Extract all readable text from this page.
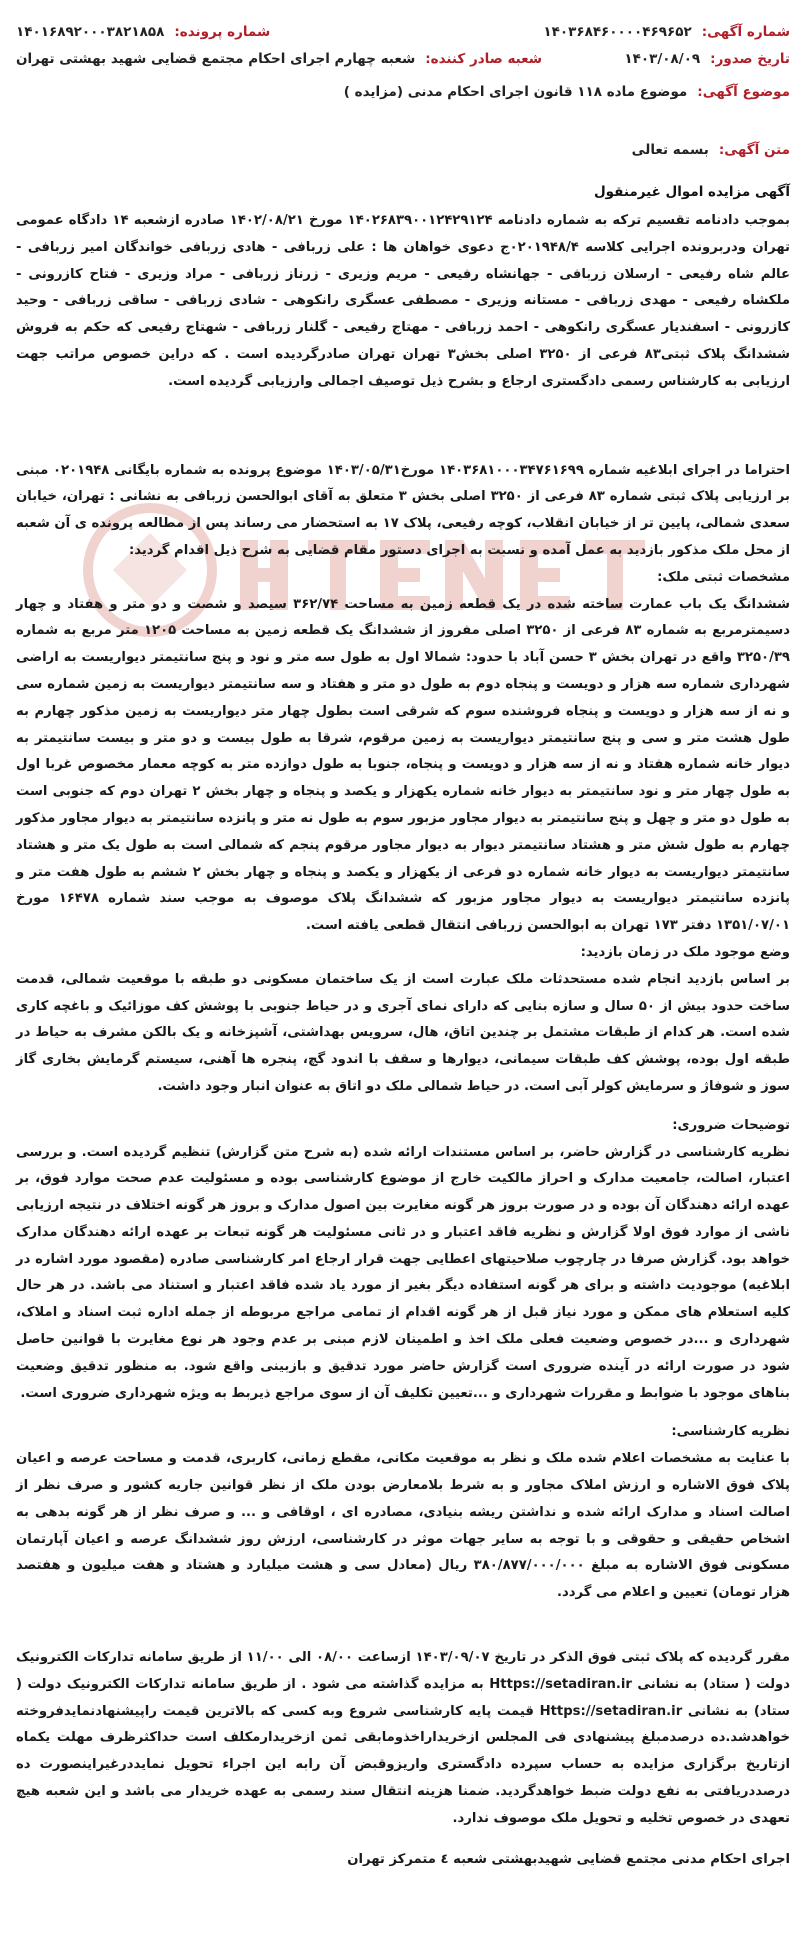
شماره آگهی:
۱۴۰۳۶۸۴۶۰۰۰۰۴۶۹۶۵۲
شماره پرونده:
۱۴۰۱۶۸۹۲۰۰۰۳۸۲۱۸۵۸
تاریخ صدور:
۱۴۰۳/۰۸/۰۹
شعبه صادر کننده:
شعبه چهارم اجرای احکام مجتمع قضایی شهید بهشتی تهران
موضوع آگهی:
موضوع ماده ۱۱۸ قانون اجرای احکام مدنی (مزایده )
متن آگهی:
بسمه تعالی
آگهی مزایده اموال غیرمنقول
بموجب دادنامه تقسیم ترکه به شماره دادنامه ۱۴۰۲۶۸۳۹۰۰۱۲۴۲۹۱۲۴ مورخ ۱۴۰۲/۰۸/۲۱ صادره ازشعبه ۱۴ دادگاه عمومی تهران ودربرونده اجرایی کلاسه ۰۲۰۱۹۴۸/۴ج دعوی خواهان ها : علی زربافی - هادی زربافی خواندگان امیر زربافی - عالم شاه رفیعی - ارسلان زربافی - جهانشاه رفیعی - مریم وزیری - زرناز زربافی - مراد وزیری - فتاح کازرونی - ملکشاه رفیعی - مهدی زربافی - مستانه وزیری - مصطفی عسگری رانکوهی - شادی زربافی - ساقی زربافی - وحید کازرونی - اسفندیار عسگری رانکوهی - احمد زربافی - مهتاج رفیعی - گلنار زربافی - شهتاج رفیعی که حکم به فروش ششدانگ پلاک ثبتی۸۳ فرعی از ۳۲۵۰ اصلی بخش۳ تهران تهران صادرگردیده است . که دراین خصوص مراتب جهت ارزیابی به کارشناس رسمی دادگستری ارجاع و بشرح ذیل توصیف اجمالی وارزیابی گردیده است.
احتراما در اجرای ابلاغیه شماره ۱۴۰۳۶۸۱۰۰۰۳۴۷۶۱۶۹۹ مورخ۱۴۰۳/۰۵/۳۱ موضوع پرونده به شماره بایگانی ۰۲۰۱۹۴۸ مبنی بر ارزیابی پلاک ثبتی شماره ۸۳ فرعی از ۳۲۵۰ اصلی بخش ۳ متعلق به آقای ابوالحسن زربافی به نشانی : تهران، خیابان سعدی شمالی، پایین تر از خیابان انقلاب، کوچه رفیعی، پلاک ۱۷ به استحضار می رساند پس از مطالعه پرونده ی آن شعبه از محل ملک مذکور بازدید به عمل آمده و نسبت به اجرای دستور مقام قضایی به شرح ذیل اقدام گردید:
مشخصات ثبتی ملک:
ششدانگ یک باب عمارت ساخته شده در یک قطعه زمین به مساحت ۳۶۲/۷۴ سیصد و شصت و دو متر و هفتاد و چهار دسیمترمربع به شماره ۸۳ فرعی از ۳۲۵۰ اصلی مفروز از ششدانگ یک قطعه زمین به مساحت ۱۲۰۵ متر مربع به شماره ۳۲۵۰/۳۹ واقع در تهران بخش ۳ حسن آباد با حدود: شمالا اول به طول سه متر و نود و پنج سانتیمتر دیواریست به اراضی شهرداری شماره سه هزار و دویست و پنجاه دوم به طول دو متر و هفتاد و سه سانتیمتر دیواریست به زمین شماره سی و نه از سه هزار و دویست و پنجاه فروشنده سوم که شرقی است بطول چهار متر دیواریست به زمین مذکور چهارم به طول هشت متر و سی و پنج سانتیمتر دیواریست به زمین مرقوم، شرقا به طول بیست و دو متر و بیست سانتیمتر به دیوار خانه شماره هفتاد و نه از سه هزار و دویست و پنجاه، جنوبا به طول دوازده متر به کوچه معمار مخصوص غربا اول به طول چهار متر و نود سانتیمتر به دیوار خانه شماره یکهزار و یکصد و پنجاه و چهار بخش ۲ تهران دوم که جنوبی است به طول دو متر و چهل و پنج سانتیمتر به دیوار مجاور مزبور سوم به طول نه متر و پانزده سانتیمتر به دیوار مجاور مذکور چهارم به طول شش متر و هشتاد سانتیمتر دیوار به دیوار مجاور مرقوم پنجم که شمالی است به طول یک متر و هشتاد سانتیمتر دیواریست به دیوار خانه شماره دو فرعی از یکهزار و یکصد و پنجاه و چهار بخش ۲ ششم به طول هفت متر و پانزده سانتیمتر دیواریست به دیوار مجاور مزبور که ششدانگ پلاک موصوف به موجب سند شماره ۱۶۴۷۸ مورخ ۱۳۵۱/۰۷/۰۱ دفتر ۱۷۳ تهران به ابوالحسن زربافی انتقال قطعی یافته است.
وضع موجود ملک در زمان بازدید:
بر اساس بازدید انجام شده مستحدثات ملک عبارت است از یک ساختمان مسکونی دو طبقه با موقعیت شمالی، قدمت ساخت حدود بیش از ۵۰ سال و سازه بنایی که دارای نمای آجری و در حیاط جنوبی با پوشش کف موزائیک و باغچه کاری شده است. هر کدام از طبقات مشتمل بر چندین اتاق، هال، سرویس بهداشتی، آشپزخانه و یک بالکن مشرف به حیاط در طبقه اول بوده، پوشش کف طبقات سیمانی، دیوارها و سقف با اندود گچ، پنجره ها آهنی، سیستم گرمایش بخاری گاز سوز و شوفاژ و سرمایش کولر آبی است. در حیاط شمالی ملک دو اتاق به عنوان انبار وجود داشت.
توضیحات ضروری:
نظریه کارشناسی در گزارش حاضر، بر اساس مستندات ارائه شده (به شرح متن گزارش) تنظیم گردیده است. و بررسی اعتبار، اصالت، جامعیت مدارک و احراز مالکیت خارج از موضوع کارشناسی بوده و مسئولیت عدم صحت موارد فوق، بر عهده ارائه دهندگان آن بوده و در صورت بروز هر گونه مغایرت بین اصول مدارک و بروز هر گونه اختلاف در نتیجه ارزیابی ناشی از موارد فوق اولا گزارش و نظریه فاقد اعتبار و در ثانی مسئولیت هر گونه تبعات بر عهده ارائه دهندگان مدارک خواهد بود. گزارش صرفا در چارچوب صلاحیتهای اعطایی جهت قرار ارجاع امر کارشناسی صادره (مقصود مورد اشاره در ابلاغیه) موجودیت داشته و برای هر گونه استفاده دیگر بغیر از مورد یاد شده فاقد اعتبار و استناد می باشد. در هر حال کلیه استعلام های ممکن و مورد نیاز قبل از هر گونه اقدام از تمامی مراجع مربوطه از جمله اداره ثبت اسناد و املاک، شهرداری و ...در خصوص وضعیت فعلی ملک اخذ و اطمینان لازم مبنی بر عدم وجود هر نوع مغایرت با قوانین حاصل شود در صورت ارائه در آینده ضروری است گزارش حاضر مورد تدقیق و بازبینی واقع شود. به منظور تدقیق وضعیت بناهای موجود با ضوابط و مقررات شهرداری و ...تعیین تکلیف آن از سوی مراجع ذیربط به ویژه شهرداری ضروری است.
نظریه کارشناسی:
با عنایت به مشخصات اعلام شده ملک و نظر به موقعیت مکانی، مقطع زمانی، کاربری، قدمت و مساحت عرصه و اعیان پلاک فوق الاشاره و ارزش املاک مجاور و به شرط بلامعارض بودن ملک از نظر قوانین جاریه کشور و صرف نظر از اصالت اسناد و مدارک ارائه شده و نداشتن ریشه بنیادی، مصادره ای ، اوقافی و ... و صرف نظر از هر گونه بدهی به اشخاص حقیقی و حقوقی و با توجه به سایر جهات موثر در کارشناسی، ارزش روز ششدانگ عرصه و اعیان آپارتمان مسکونی فوق الاشاره به مبلغ ۳۸۰/۸۷۷/۰۰۰/۰۰۰ ریال (معادل سی و هشت میلیارد و هشتاد و هفت میلیون و هفتصد هزار تومان) تعیین و اعلام می گردد.
مقرر گردیده که پلاک ثبتی فوق الذکر در تاریخ ۱۴۰۳/۰۹/۰۷ ازساعت ۰۸/۰۰ الی ۱۱/۰۰ از طریق سامانه تدارکات الکترونیک دولت ( ستاد) به نشانی Https://setadiran.ir به مزایده گذاشته می شود . از طریق سامانه تدارکات الکترونیک دولت ( ستاد) به نشانی Https://setadiran.ir قیمت پایه کارشناسی شروع وبه کسی که بالاترین قیمت راپیشنهادنمایدفروخته خواهدشد.ده درصدمبلغ پیشنهادی فی المجلس ازخریداراخذومابقی ثمن ازخریدارمکلف است حداکثرظرف مهلت یکماه ازتاریخ برگزاری مزایده به حساب سپرده دادگستری واریزوقبض آن رابه این اجراء تحویل نمایددرغیراینصورت ده درصددریافتی به نفع دولت ضبط خواهدگردید. ضمنا هزینه انتقال سند رسمی به عهده خریدار می باشد و این شعبه هیچ تعهدی در خصوص تخلیه و تحویل ملک موصوف ندارد.
اجرای احکام مدنی مجتمع قضایی شهیدبهشتی شعبه ٤ متمرکز تهران
